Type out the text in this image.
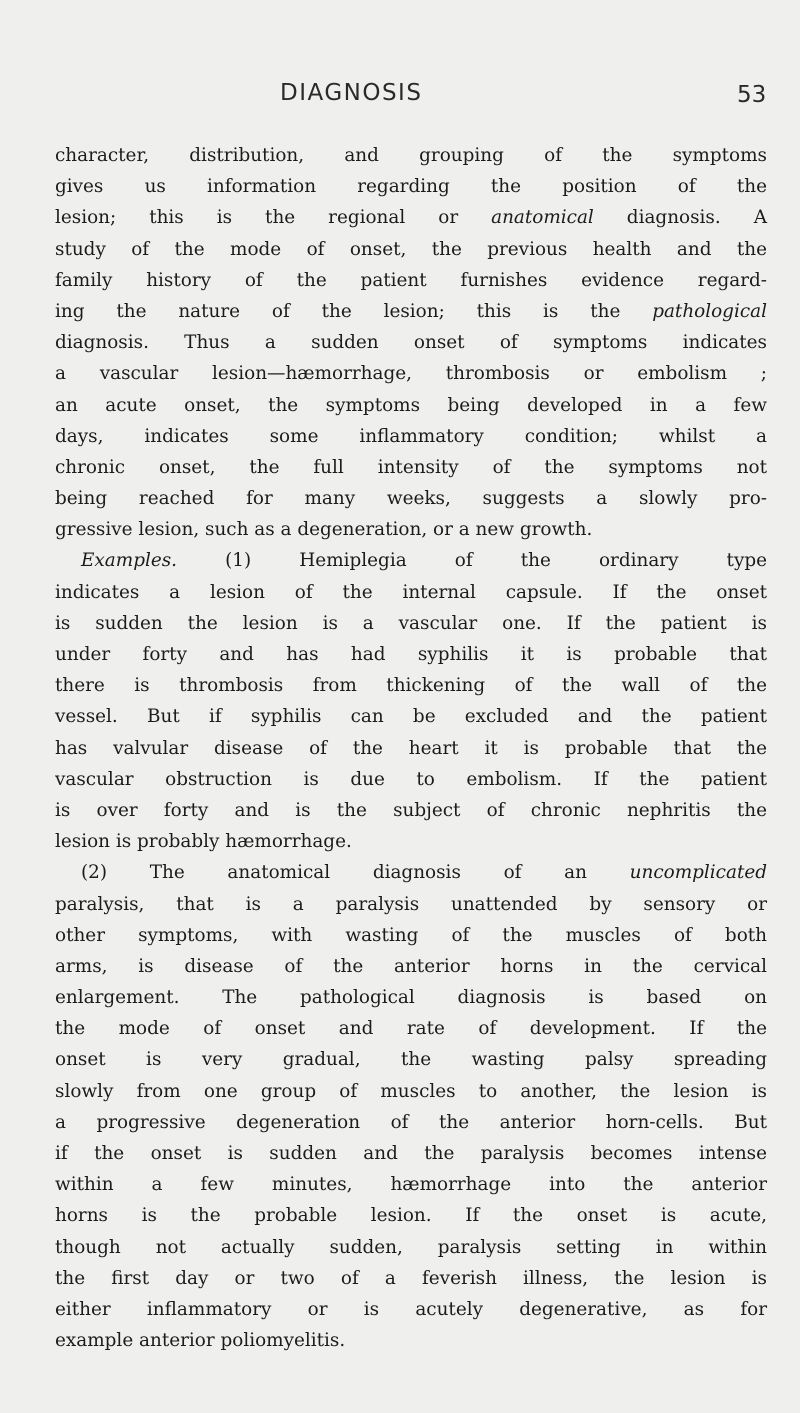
DIAGNOSIS	53
character, distribution, and grouping of the symptoms
gives us information regarding the position of the
lesion; this is the regional or anatomical diagnosis. A
study of the mode of onset, the previous health and the
family history of the patient furnishes evidence regard-
ing the nature of the lesion; this is the pathological
diagnosis. Thus a sudden onset of symptoms indicates
a vascular lesion—hæmorrhage, thrombosis or embolism ;
an acute onset, the symptoms being developed in a few
days, indicates some inflammatory condition; whilst a
chronic onset, the full intensity of the symptoms not
being reached for many weeks, suggests a slowly pro-
gressive lesion, such as a degeneration, or a new growth.
Examples. (1) Hemiplegia of the ordinary type
indicates a lesion of the internal capsule. If the onset
is sudden the lesion is a vascular one. If the patient is
under forty and has had syphilis it is probable that
there is thrombosis from thickening of the wall of the
vessel. But if syphilis can be excluded and the patient
has valvular disease of the heart it is probable that the
vascular obstruction is due to embolism. If the patient
is over forty and is the subject of chronic nephritis the
lesion is probably hæmorrhage.
(2) The anatomical diagnosis of an uncomplicated
paralysis, that is a paralysis unattended by sensory or
other symptoms, with wasting of the muscles of both
arms, is disease of the anterior horns in the cervical
enlargement. The pathological diagnosis is based on
the mode of onset and rate of development. If the
onset is very gradual, the wasting palsy spreading
slowly from one group of muscles to another, the lesion is
a progressive degeneration of the anterior horn-cells. But
if the onset is sudden and the paralysis becomes intense
within a few minutes, hæmorrhage into the anterior
horns is the probable lesion. If the onset is acute,
though not actually sudden, paralysis setting in within
the first day or two of a feverish illness, the lesion is
either inflammatory or is acutely degenerative, as for
example anterior poliomyelitis.
